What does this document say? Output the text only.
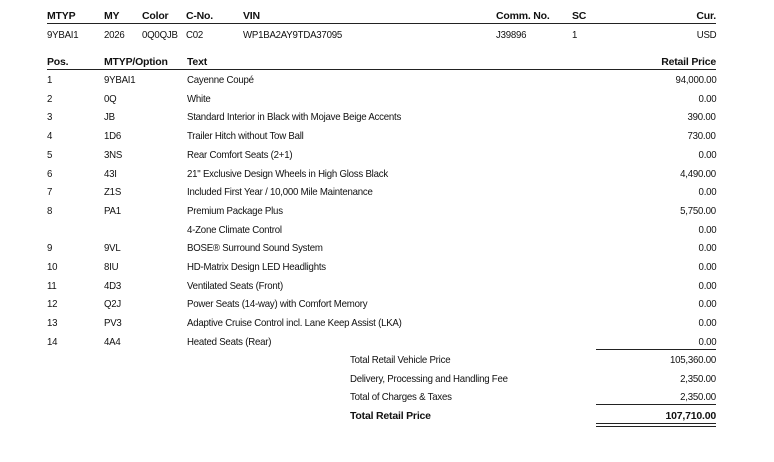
MTYP	MY Color C-No.	VIN	Comm. No. SC	Cur.
9YBAI1 2026 0Q0QJB C02	WP1BA2AY9TDA37095	J39896	1	USD
Pos.	MTYP/Option Text	Retail Price
1	9YBAI1	Cayenne Coupé	94,000.00
2	0Q	White	0.00
3	JB	Standard Interior in Black with Mojave Beige Accents	390.00
4	1D6	Trailer Hitch without Tow Ball	730.00
5	3NS	Rear Comfort Seats (2+1)	0.00
6	43I	21" Exclusive Design Wheels in High Gloss Black	4,490.00
7	Z1S	Included First Year / 10,000 Mile Maintenance	0.00
8	PA1	Premium Package Plus	5,750.00
4-Zone Climate Control	0.00
9	9VL	BOSE® Surround Sound System	0.00
10	8IU	HD-Matrix Design LED Headlights	0.00
11	4D3	Ventilated Seats (Front)	0.00
12	Q2J	Power Seats (14-way) with Comfort Memory	0.00
13	PV3	Adaptive Cruise Control incl. Lane Keep Assist (LKA)	0.00
14	4A4	Heated Seats (Rear)	0.00
Total Retail Vehicle Price	105,360.00
Delivery, Processing and Handling Fee	2,350.00
Total of Charges & Taxes	2,350.00
Total Retail Price	107,710.00
